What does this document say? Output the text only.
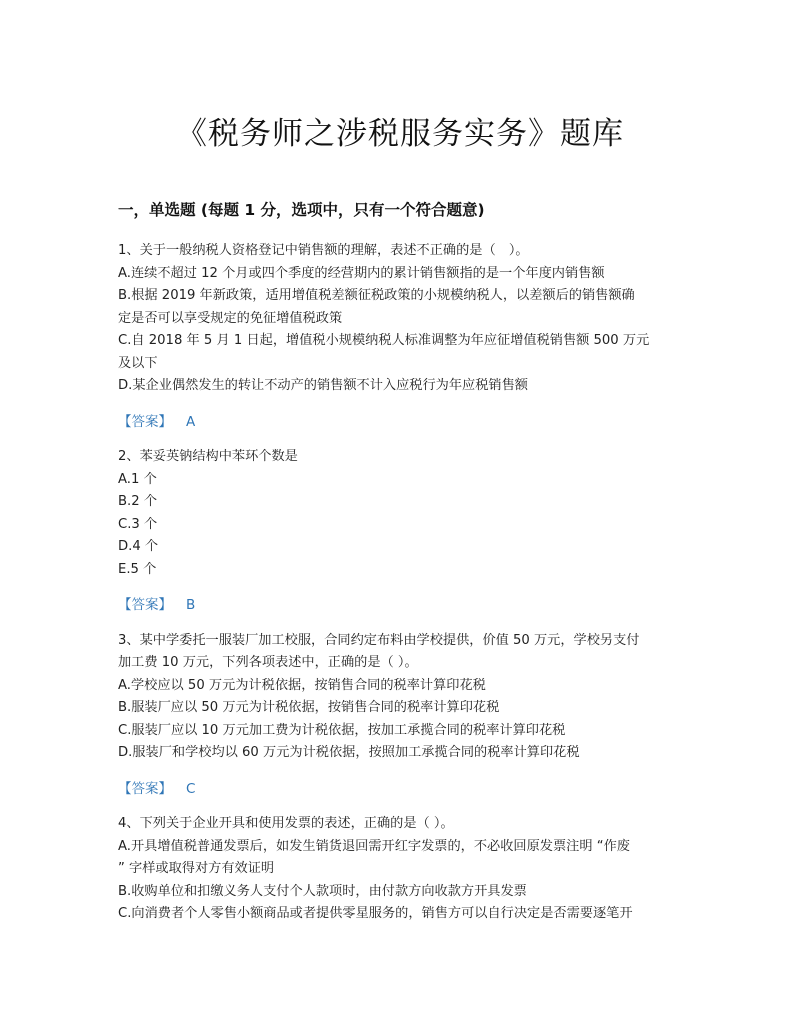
《税务师之涉税服务实务》题库
一，单选题 (每题 1 分，选项中，只有一个符合题意)
1、关于一般纳税人资格登记中销售额的理解，表述不正确的是（　）。
A.连续不超过 12 个月或四个季度的经营期内的累计销售额指的是一个年度内销售额
B.根据 2019 年新政策，适用增值税差额征税政策的小规模纳税人，以差额后的销售额确
定是否可以享受规定的免征增值税政策
C.自 2018 年 5 月 1 日起，增值税小规模纳税人标准调整为年应征增值税销售额 500 万元
及以下
D.某企业偶然发生的转让不动产的销售额不计入应税行为年应税销售额
【答案】 A
2、苯妥英钠结构中苯环个数是
A.1 个
B.2 个
C.3 个
D.4 个
E.5 个
【答案】 B
3、某中学委托一服装厂加工校服，合同约定布料由学校提供，价值 50 万元，学校另支付
加工费 10 万元，下列各项表述中，正确的是（ ）。
A.学校应以 50 万元为计税依据，按销售合同的税率计算印花税
B.服装厂应以 50 万元为计税依据，按销售合同的税率计算印花税
C.服装厂应以 10 万元加工费为计税依据，按加工承揽合同的税率计算印花税
D.服装厂和学校均以 60 万元为计税依据，按照加工承揽合同的税率计算印花税
【答案】 C
4、下列关于企业开具和使用发票的表述，正确的是（ ）。
A.开具增值税普通发票后，如发生销货退回需开红字发票的，不必收回原发票注明 “作废
” 字样或取得对方有效证明
B.收购单位和扣缴义务人支付个人款项时，由付款方向收款方开具发票
C.向消费者个人零售小额商品或者提供零星服务的，销售方可以自行决定是否需要逐笔开
